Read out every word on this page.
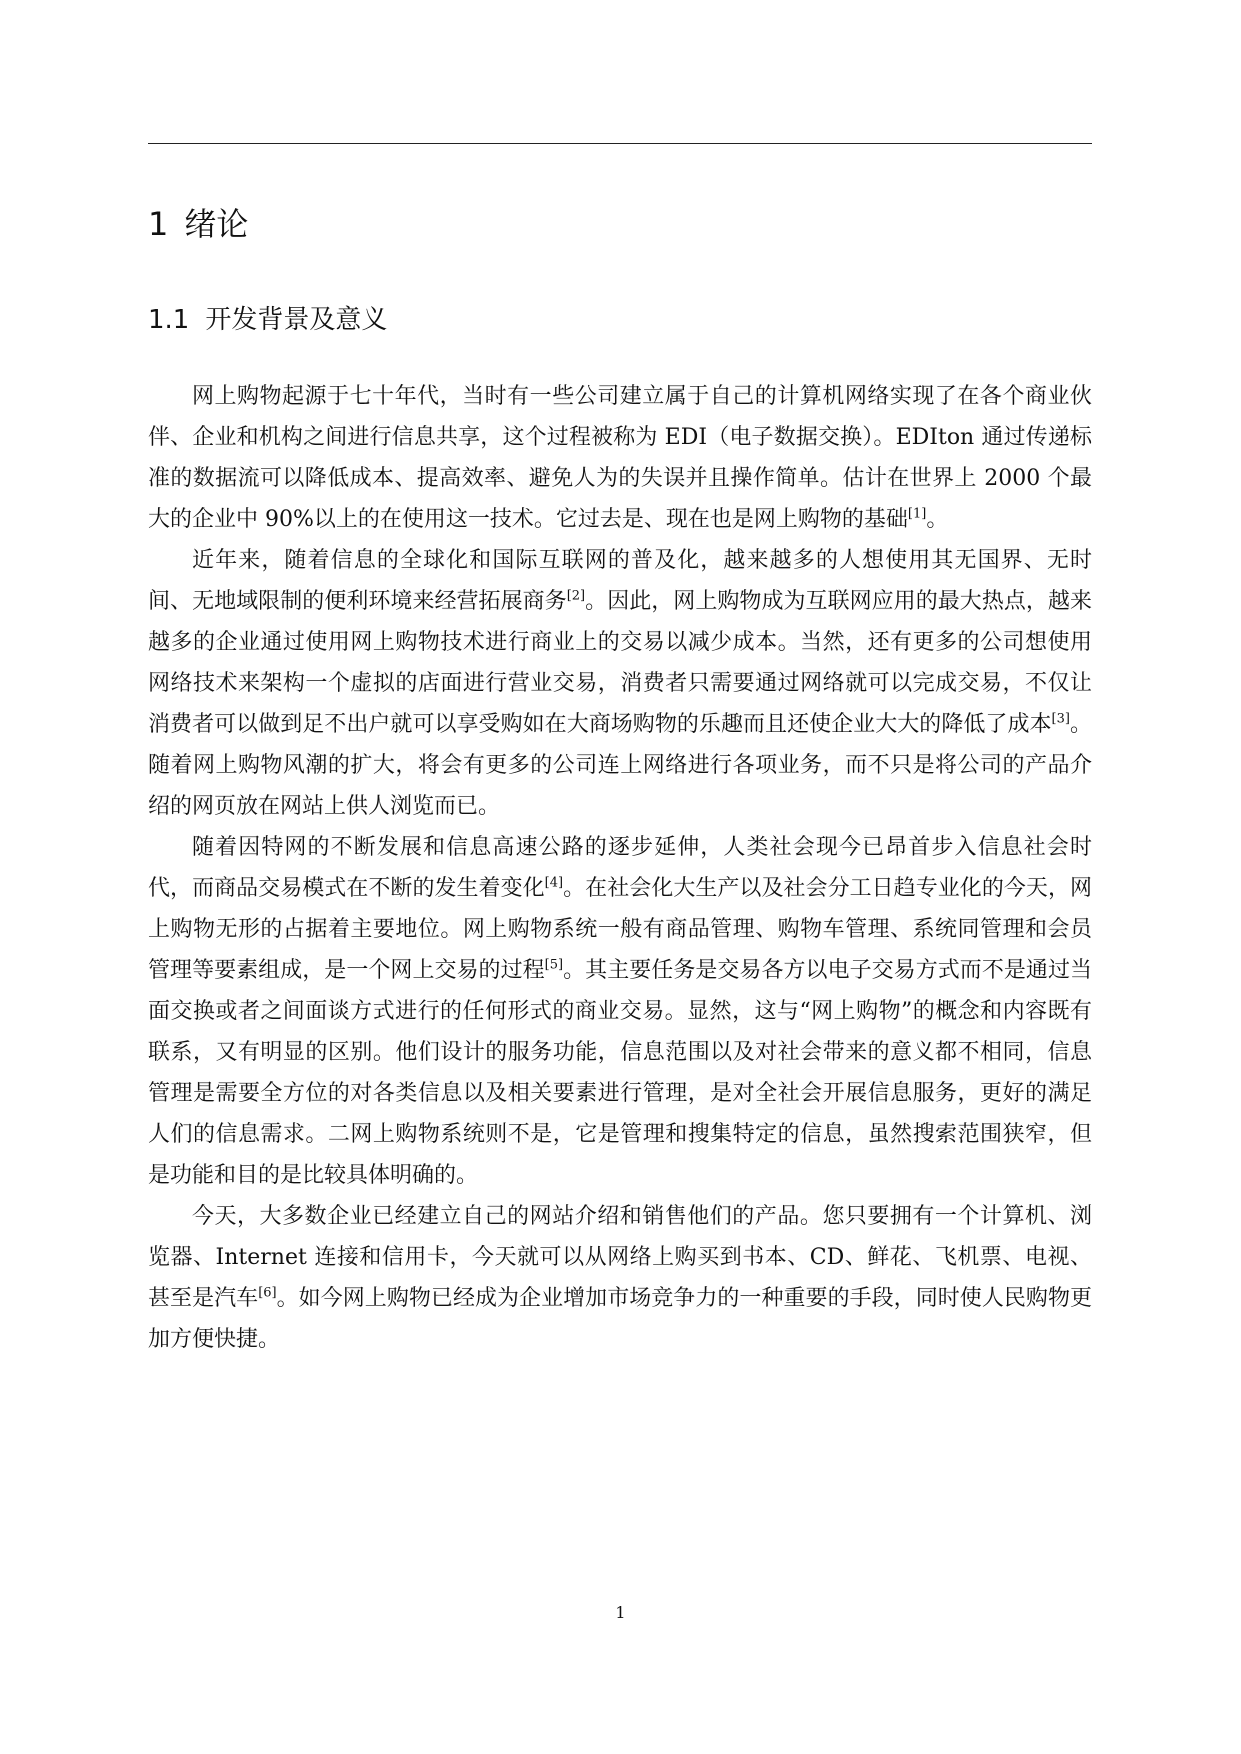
1 绪论
1.1 开发背景及意义

网上购物起源于七十年代，当时有一些公司建立属于自己的计算机网络实现了在各个商业伙伴、企业和机构之间进行信息共享，这个过程被称为 EDI（电子数据交换）。EDIton 通过传递标准的数据流可以降低成本、提高效率、避免人为的失误并且操作简单。估计在世界上 2000 个最大的企业中 90%以上的在使用这一技术。它过去是、现在也是网上购物的基础[1]。

近年来，随着信息的全球化和国际互联网的普及化，越来越多的人想使用其无国界、无时间、无地域限制的便利环境来经营拓展商务[2]。因此，网上购物成为互联网应用的最大热点，越来越多的企业通过使用网上购物技术进行商业上的交易以减少成本。当然，还有更多的公司想使用网络技术来架构一个虚拟的店面进行营业交易，消费者只需要通过网络就可以完成交易，不仅让消费者可以做到足不出户就可以享受购如在大商场购物的乐趣而且还使企业大大的降低了成本[3]。随着网上购物风潮的扩大，将会有更多的公司连上网络进行各项业务，而不只是将公司的产品介绍的网页放在网站上供人浏览而已。

随着因特网的不断发展和信息高速公路的逐步延伸，人类社会现今已昂首步入信息社会时代，而商品交易模式在不断的发生着变化[4]。在社会化大生产以及社会分工日趋专业化的今天，网上购物无形的占据着主要地位。网上购物系统一般有商品管理、购物车管理、系统同管理和会员管理等要素组成，是一个网上交易的过程[5]。其主要任务是交易各方以电子交易方式而不是通过当面交换或者之间面谈方式进行的任何形式的商业交易。显然，这与“网上购物”的概念和内容既有联系，又有明显的区别。他们设计的服务功能，信息范围以及对社会带来的意义都不相同，信息管理是需要全方位的对各类信息以及相关要素进行管理，是对全社会开展信息服务，更好的满足人们的信息需求。二网上购物系统则不是，它是管理和搜集特定的信息，虽然搜索范围狭窄，但是功能和目的是比较具体明确的。

今天，大多数企业已经建立自己的网站介绍和销售他们的产品。您只要拥有一个计算机、浏览器、Internet 连接和信用卡，今天就可以从网络上购买到书本、CD、鲜花、飞机票、电视、甚至是汽车[6]。如今网上购物已经成为企业增加市场竞争力的一种重要的手段，同时使人民购物更加方便快捷。

1
